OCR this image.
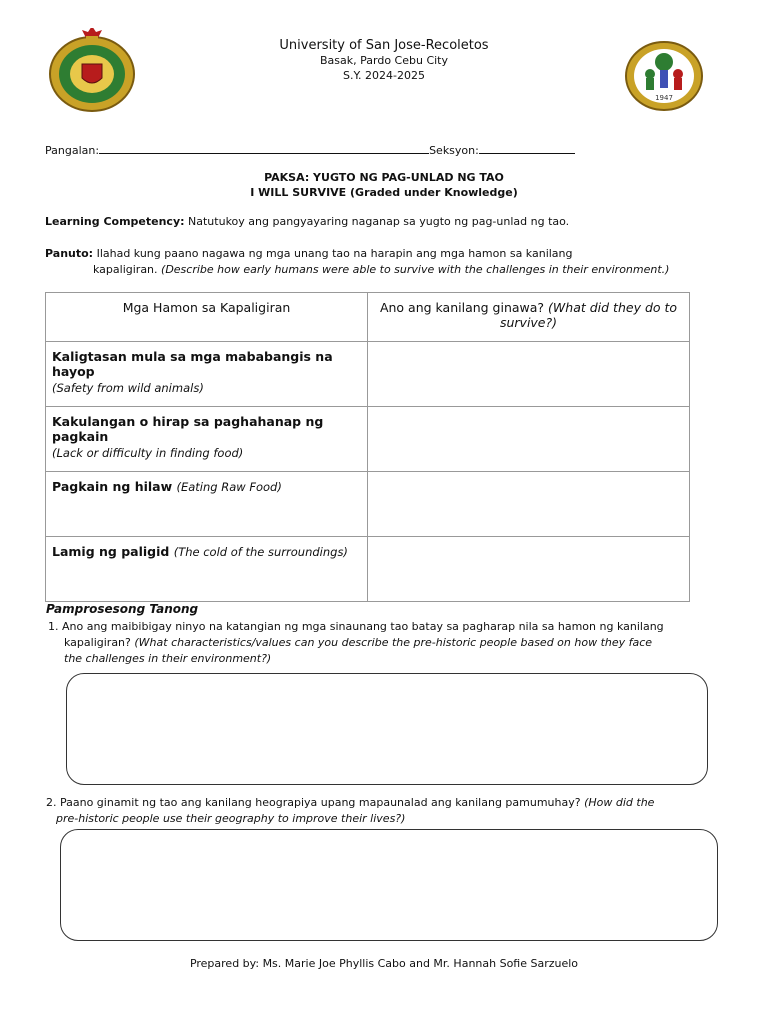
1947
University of San Jose-Recoletos
Basak, Pardo Cebu City
S.Y. 2024-2025
Pangalan:	Seksyon:
PAKSA: YUGTO NG PAG-UNLAD NG TAO
I WILL SURVIVE (Graded under Knowledge)
Learning Competency: Natutukoy ang pangyayaring naganap sa yugto ng pag-unlad ng tao.
Panuto: Ilahad kung paano nagawa ng mga unang tao na harapin ang mga hamon sa kanilang
kapaligiran. (Describe how early humans were able to survive with the challenges in their environment.)
Mga Hamon sa Kapaligiran	Ano ang kanilang ginawa? (What did they do to survive?)
Kaligtasan mula sa mga mababangis na hayop
(Safety from wild animals)	

Kakulangan o hirap sa paghahanap ng pagkain
(Lack or difficulty in finding food)	

Pagkain ng hilaw (Eating Raw Food)	
Lamig ng paligid (The cold of the surroundings)	
Pamprosesong Tanong
1. Ano ang maibibigay ninyo na katangian ng mga sinaunang tao batay sa pagharap nila sa hamon ng kanilang
kapaligiran? (What characteristics/values can you describe the pre-historic people based on how they face
the challenges in their environment?)
2. Paano ginamit ng tao ang kanilang heograpiya upang mapaunalad ang kanilang pamumuhay? (How did the
pre-historic people use their geography to improve their lives?)
Prepared by: Ms. Marie Joe Phyllis Cabo and Mr. Hannah Sofie Sarzuelo
